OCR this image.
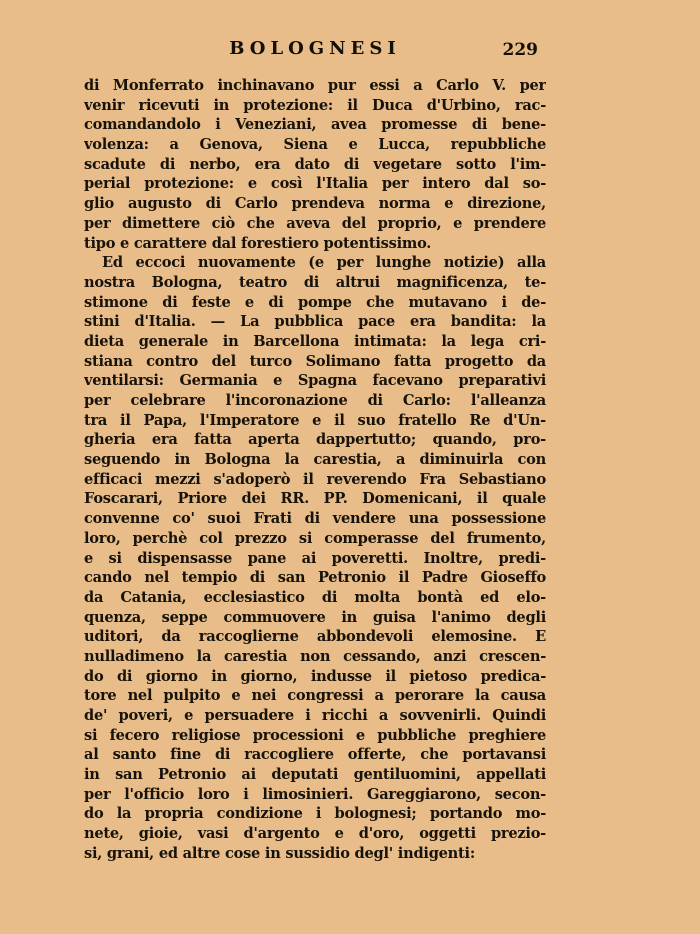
BOLOGNESI	229
di Monferrato inchinavano pur essi a Carlo V. per
venir ricevuti in protezione: il Duca d'Urbino, rac-
comandandolo i Veneziani, avea promesse di bene-
volenza: a Genova, Siena e Lucca, repubbliche
scadute di nerbo, era dato di vegetare sotto l'im-
perial protezione: e così l'Italia per intero dal so-
glio augusto di Carlo prendeva norma e direzione,
per dimettere ciò che aveva del proprio, e prendere
tipo e carattere dal forestiero potentissimo.
Ed eccoci nuovamente (e per lunghe notizie) alla
nostra Bologna, teatro di altrui magnificenza, te-
stimone di feste e di pompe che mutavano i de-
stini d'Italia. — La pubblica pace era bandita: la
dieta generale in Barcellona intimata: la lega cri-
stiana contro del turco Solimano fatta progetto da
ventilarsi: Germania e Spagna facevano preparativi
per celebrare l'incoronazione di Carlo: l'alleanza
tra il Papa, l'Imperatore e il suo fratello Re d'Un-
gheria era fatta aperta dappertutto; quando, pro-
seguendo in Bologna la carestia, a diminuirla con
efficaci mezzi s'adoperò il reverendo Fra Sebastiano
Foscarari, Priore dei RR. PP. Domenicani, il quale
convenne co' suoi Frati di vendere una possessione
loro, perchè col prezzo si comperasse del frumento,
e si dispensasse pane ai poveretti. Inoltre, predi-
cando nel tempio di san Petronio il Padre Gioseffo
da Catania, ecclesiastico di molta bontà ed elo-
quenza, seppe commuovere in guisa l'animo degli
uditori, da raccoglierne abbondevoli elemosine. E
nulladimeno la carestia non cessando, anzi crescen-
do di giorno in giorno, indusse il pietoso predica-
tore nel pulpito e nei congressi a perorare la causa
de' poveri, e persuadere i ricchi a sovvenirli. Quindi
si fecero religiose processioni e pubbliche preghiere
al santo fine di raccogliere offerte, che portavansi
in san Petronio ai deputati gentiluomini, appellati
per l'officio loro i limosinieri. Gareggiarono, secon-
do la propria condizione i bolognesi; portando mo-
nete, gioie, vasi d'argento e d'oro, oggetti prezio-
si, grani, ed altre cose in sussidio degl' indigenti:
